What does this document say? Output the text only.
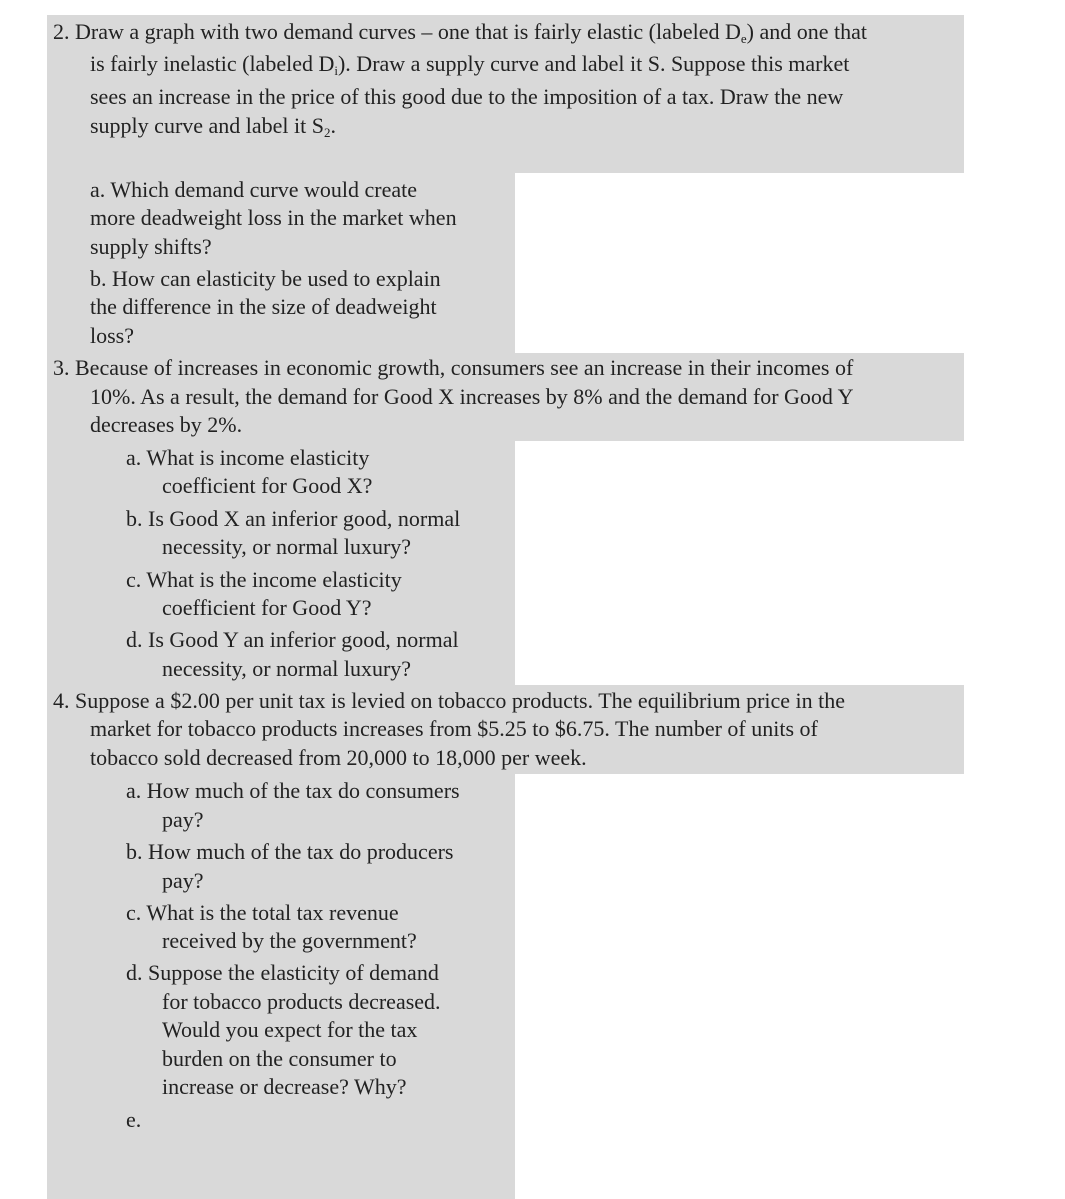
2. Draw a graph with two demand curves – one that is fairly elastic (labeled $D_e$) and one that
is fairly inelastic (labeled $D_i$). Draw a supply curve and label it S. Suppose this market
sees an increase in the price of this good due to the imposition of a tax. Draw the new
supply curve and label it $S_2$.
a. Which demand curve would create
more deadweight loss in the market when
supply shifts?
b. How can elasticity be used to explain
the difference in the size of deadweight
loss?
3. Because of increases in economic growth, consumers see an increase in their incomes of
10%. As a result, the demand for Good X increases by 8% and the demand for Good Y
decreases by 2%.
a. What is income elasticity
coefficient for Good X?
b. Is Good X an inferior good, normal
necessity, or normal luxury?
c. What is the income elasticity
coefficient for Good Y?
d. Is Good Y an inferior good, normal
necessity, or normal luxury?
4. Suppose a $2.00 per unit tax is levied on tobacco products. The equilibrium price in the
market for tobacco products increases from $5.25 to $6.75. The number of units of
tobacco sold decreased from 20,000 to 18,000 per week.
a. How much of the tax do consumers
pay?
b. How much of the tax do producers
pay?
c. What is the total tax revenue
received by the government?
d. Suppose the elasticity of demand
for tobacco products decreased.
Would you expect for the tax
burden on the consumer to
increase or decrease? Why?
e.
